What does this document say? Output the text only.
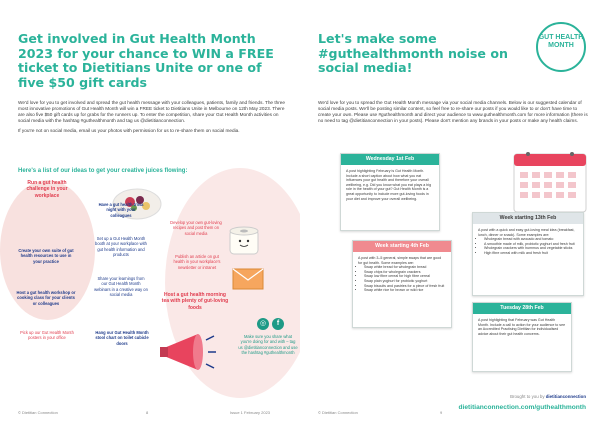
Get involved in Gut Health Month 2023 for your chance to WIN a FREE ticket to Dietitians Unite or one of five $50 gift cards

We'd love for you to get involved and spread the gut health message with your colleagues, patients, family and friends. The three most innovative promotions of Gut Health Month will win a FREE ticket to Dietitians Unite in Melbourne on 12th May 2023. There are also five $50 gift cards up for grabs for the runners up. To enter the competition, share your Gut Health Month activities on social media with the hashtag #guthealthmonth and tag us @dietitianconnection.

If you're not on social media, email us your photos with permission for us to re-share them on social media.

Here's a list of our ideas to get your creative juices flowing:
Run a gut health challenge in your workplace
Have a gut health trivia night with your colleagues
Develop your own gut-loving recipes and post them on social media
Create your own suite of gut health resources to use in your practice
Set up a Gut Health Month booth at your workplace with gut health information and products	Publish an article on gut health in your workplace's newsletter or intranet
Host a gut health workshop or cooking class for your clients or colleagues
Share your learnings from our Gut Health Month webinars in a creative way on social media	Host a gut health morning tea with plenty of gut-loving foods
Pick up our Gut Health Month posters in your office
Hang our Gut Health Month stool chart on toilet cubicle doors
◎	f
Make sure you share what you're doing for and with – tag us @dietitianconnection and use the hashtag #guthealthmonth
© Dietitian Connection	8	Issue 1 February 2023
Let's make some #guthealthmonth noise on social media!
GUT HEALTH MONTH
We'd love for you to spread the Gut Health Month message via your social media channels. Below is our suggested calendar of social media posts. We'll be posting similar content, so feel free to re-share our posts if you would like to or don't have time to create your own. Please use #guthealthmonth and direct your audience to www.guthealthmonth.com for more information (there is no need to tag @dietitianconnection in your posts). Please don't mention any brands in your posts or make any health claims.
Wednesday 1st Feb
A post highlighting February is Gut Health Month. Include a short caption about how what you eat influences your gut health and therefore your overall wellbeing, e.g. Did you know what you eat plays a big role in the health of your gut? Gut Health Month is a great opportunity to include more gut-loving foods in your diet and improve your overall wellbeing.
Week starting 4th Feb
A post with 3–5 general, simple swaps that are good for gut health. Some examples are:
• Swap white bread for wholegrain bread
• Swap chips for wholegrain crackers
• Swap low fibre cereal for high fibre cereal
• Swap plain yoghurt for probiotic yoghurt
• Swap biscuits and pastries for a piece of fresh fruit
• Swap white rice for brown or wild rice
Week starting 13th Feb
A post with a quick and easy gut-loving meal idea (breakfast, lunch, dinner or snack). Some examples are:
• Wholegrain bread with avocado and tomato
• A smoothie made of milk, probiotic yoghurt and fresh fruit
• Wholegrain crackers with hummus and vegetable sticks
• High fibre cereal with milk and fresh fruit
Tuesday 28th Feb
A post highlighting that February was Gut Health Month. Include a call to action for your audience to see an Accredited Practising Dietitian for individualised advice about their gut health concerns.
Brought to you by dietitianconnection
dietitianconnection.com/guthealthmonth
© Dietitian Connection	9
